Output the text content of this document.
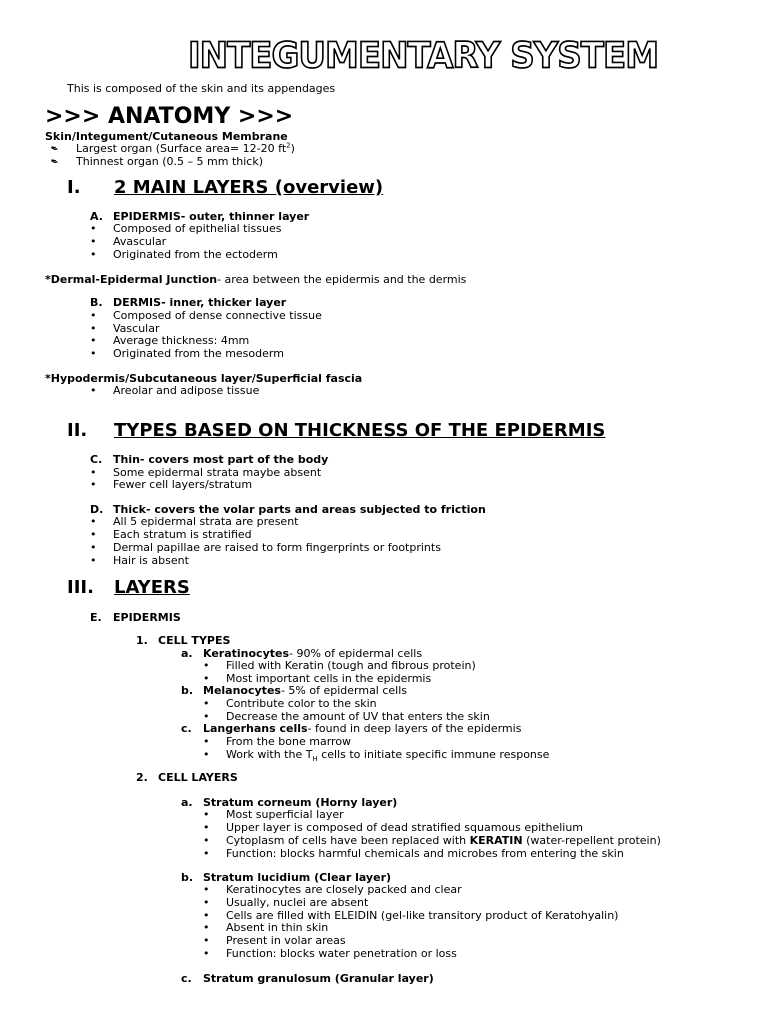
INTEGUMENTARY SYSTEM
This is composed of the skin and its appendages
>>> ANATOMY >>>
Skin/Integument/Cutaneous Membrane
✒ Largest organ (Surface area= 12-20 $ft^2$)
✒ Thinnest organ (0.5 – 5 mm thick)
I. 2 MAIN LAYERS (overview)
A. EPIDERMIS- outer, thinner layer
• Composed of epithelial tissues
• Avascular
• Originated from the ectoderm
*Dermal-Epidermal Junction- area between the epidermis and the dermis
B. DERMIS- inner, thicker layer
• Composed of dense connective tissue
• Vascular
• Average thickness: 4mm
• Originated from the mesoderm
*Hypodermis/Subcutaneous layer/Superficial fascia
• Areolar and adipose tissue
II. TYPES BASED ON THICKNESS OF THE EPIDERMIS
C. Thin- covers most part of the body
• Some epidermal strata maybe absent
• Fewer cell layers/stratum
D. Thick- covers the volar parts and areas subjected to friction
• All 5 epidermal strata are present
• Each stratum is stratified
• Dermal papillae are raised to form fingerprints or footprints
• Hair is absent
III. LAYERS
E. EPIDERMIS
1. CELL TYPES
a. Keratinocytes- 90% of epidermal cells
• Filled with Keratin (tough and fibrous protein)
• Most important cells in the epidermis
b. Melanocytes- 5% of epidermal cells
• Contribute color to the skin
• Decrease the amount of UV that enters the skin
c. Langerhans cells- found in deep layers of the epidermis
• From the bone marrow
• Work with the $T_H$ cells to initiate specific immune response
2. CELL LAYERS
a. Stratum corneum (Horny layer)
• Most superficial layer
• Upper layer is composed of dead stratified squamous epithelium
• Cytoplasm of cells have been replaced with KERATIN (water-repellent protein)
• Function: blocks harmful chemicals and microbes from entering the skin
b. Stratum lucidium (Clear layer)
• Keratinocytes are closely packed and clear
• Usually, nuclei are absent
• Cells are filled with ELEIDIN (gel-like transitory product of Keratohyalin)
• Absent in thin skin
• Present in volar areas
• Function: blocks water penetration or loss
c. Stratum granulosum (Granular layer)
